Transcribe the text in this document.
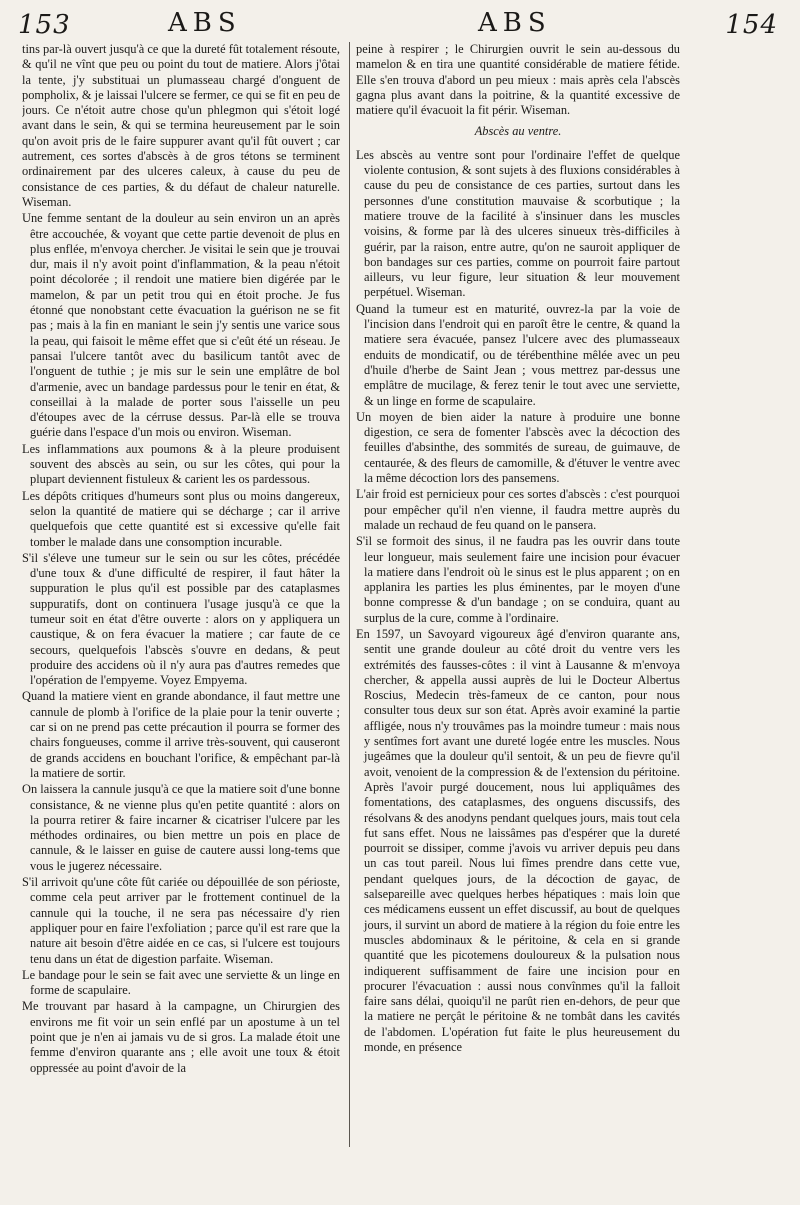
153	ABS	ABS	154

tins par-là ouvert jusqu'à ce que la dureté fût totalement résoute, & qu'il ne vînt que peu ou point du tout de matiere. Alors j'ôtai la tente, j'y substituai un plumasseau chargé d'onguent de pompholix, & je laissai l'ulcere se fermer, ce qui se fit en peu de jours. Ce n'étoit autre chose qu'un phlegmon qui s'étoit logé avant dans le sein, & qui se termina heureusement par le soin qu'on avoit pris de le faire suppurer avant qu'il fût ouvert ; car autrement, ces sortes d'abscès à de gros tétons se terminent ordinairement par des ulceres caleux, à cause du peu de consistance de ces parties, & du défaut de chaleur naturelle. Wiseman.

Une femme sentant de la douleur au sein environ un an après être accouchée, & voyant que cette partie devenoit de plus en plus enflée, m'envoya chercher. Je visitai le sein que je trouvai dur, mais il n'y avoit point d'inflammation, & la peau n'étoit point décolorée ; il rendoit une matiere bien digérée par le mamelon, & par un petit trou qui en étoit proche. Je fus étonné que nonobstant cette évacuation la guérison ne se fit pas ; mais à la fin en maniant le sein j'y sentis une varice sous la peau, qui faisoit le même effet que si c'eût été un réseau. Je pansai l'ulcere tantôt avec du basilicum tantôt avec de l'onguent de tuthie ; je mis sur le sein une emplâtre de bol d'armenie, avec un bandage pardessus pour le tenir en état, & conseillai à la malade de porter sous l'aisselle un peu d'étoupes avec de la cérruse dessus. Par-là elle se trouva guérie dans l'espace d'un mois ou environ. Wiseman.

Les inflammations aux poumons & à la pleure produisent souvent des abscès au sein, ou sur les côtes, qui pour la plupart deviennent fistuleux & carient les os pardessous.

Les dépôts critiques d'humeurs sont plus ou moins dangereux, selon la quantité de matiere qui se décharge ; car il arrive quelquefois que cette quantité est si excessive qu'elle fait tomber le malade dans une consomption incurable.

S'il s'éleve une tumeur sur le sein ou sur les côtes, précédée d'une toux & d'une difficulté de respirer, il faut hâter la suppuration le plus qu'il est possible par des cataplasmes suppuratifs, dont on continuera l'usage jusqu'à ce que la tumeur soit en état d'être ouverte : alors on y appliquera un caustique, & on fera évacuer la matiere ; car faute de ce secours, quelquefois l'abscès s'ouvre en dedans, & peut produire des accidens où il n'y aura pas d'autres remedes que l'opération de l'empyeme. Voyez Empyema.

Quand la matiere vient en grande abondance, il faut mettre une cannule de plomb à l'orifice de la plaie pour la tenir ouverte ; car si on ne prend pas cette précaution il pourra se former des chairs fongueuses, comme il arrive très-souvent, qui causeront de grands accidens en bouchant l'orifice, & empêchant par-là la matiere de sortir.

On laissera la cannule jusqu'à ce que la matiere soit d'une bonne consistance, & ne vienne plus qu'en petite quantité : alors on la pourra retirer & faire incarner & cicatriser l'ulcere par les méthodes ordinaires, ou bien mettre un pois en place de cannule, & le laisser en guise de cautere aussi long-tems que vous le jugerez nécessaire.

S'il arrivoit qu'une côte fût cariée ou dépouillée de son périoste, comme cela peut arriver par le frottement continuel de la cannule qui la touche, il ne sera pas nécessaire d'y rien appliquer pour en faire l'exfoliation ; parce qu'il est rare que la nature ait besoin d'être aidée en ce cas, si l'ulcere est toujours tenu dans un état de digestion parfaite. Wiseman.

Le bandage pour le sein se fait avec une serviette & un linge en forme de scapulaire.

Me trouvant par hasard à la campagne, un Chirurgien des environs me fit voir un sein enflé par un apostume à un tel point que je n'en ai jamais vu de si gros. La malade étoit une femme d'environ quarante ans ; elle avoit une toux & étoit oppressée au point d'avoir de la

peine à respirer ; le Chirurgien ouvrit le sein au-dessous du mamelon & en tira une quantité considérable de matiere fétide. Elle s'en trouva d'abord un peu mieux : mais après cela l'abscès gagna plus avant dans la poitrine, & la quantité excessive de matiere qu'il évacuoit la fit périr. Wiseman.

Abscès au ventre.

Les abscès au ventre sont pour l'ordinaire l'effet de quelque violente contusion, & sont sujets à des fluxions considérables à cause du peu de consistance de ces parties, surtout dans les personnes d'une constitution mauvaise & scorbutique ; la matiere trouve de la facilité à s'insinuer dans les muscles voisins, & forme par là des ulceres sinueux très-difficiles à guérir, par la raison, entre autre, qu'on ne sauroit appliquer de bon bandages sur ces parties, comme on pourroit faire partout ailleurs, vu leur figure, leur situation & leur mouvement perpétuel. Wiseman.

Quand la tumeur est en maturité, ouvrez-la par la voie de l'incision dans l'endroit qui en paroît être le centre, & quand la matiere sera évacuée, pansez l'ulcere avec des plumasseaux enduits de mondicatif, ou de térébenthine mêlée avec un peu d'huile d'herbe de Saint Jean ; vous mettrez par-dessus une emplâtre de mucilage, & ferez tenir le tout avec une serviette, & un linge en forme de scapulaire.

Un moyen de bien aider la nature à produire une bonne digestion, ce sera de fomenter l'abscès avec la décoction des feuilles d'absinthe, des sommités de sureau, de guimauve, de centaurée, & des fleurs de camomille, & d'étuver le ventre avec la même décoction lors des pansemens.

L'air froid est pernicieux pour ces sortes d'abscès : c'est pourquoi pour empêcher qu'il n'en vienne, il faudra mettre auprès du malade un rechaud de feu quand on le pansera.

S'il se formoit des sinus, il ne faudra pas les ouvrir dans toute leur longueur, mais seulement faire une incision pour évacuer la matiere dans l'endroit où le sinus est le plus apparent ; on en applanira les parties les plus éminentes, par le moyen d'une bonne compresse & d'un bandage ; on se conduira, quant au surplus de la cure, comme à l'ordinaire.

En 1597, un Savoyard vigoureux âgé d'environ quarante ans, sentit une grande douleur au côté droit du ventre vers les extrémités des fausses-côtes : il vint à Lausanne & m'envoya chercher, & appella aussi auprès de lui le Docteur Albertus Roscius, Medecin très-fameux de ce canton, pour nous consulter tous deux sur son état. Après avoir examiné la partie affligée, nous n'y trouvâmes pas la moindre tumeur : mais nous y sentîmes fort avant une dureté logée entre les muscles. Nous jugeâmes que la douleur qu'il sentoit, & un peu de fievre qu'il avoit, venoient de la compression & de l'extension du péritoine. Après l'avoir purgé doucement, nous lui appliquâmes des fomentations, des cataplasmes, des onguens discussifs, des résolvans & des anodyns pendant quelques jours, mais tout cela fut sans effet. Nous ne laissâmes pas d'espérer que la dureté pourroit se dissiper, comme j'avois vu arriver depuis peu dans un cas tout pareil. Nous lui fîmes prendre dans cette vue, pendant quelques jours, de la décoction de gayac, de salsepareille avec quelques herbes hépatiques : mais loin que ces médicamens eussent un effet discussif, au bout de quelques jours, il survint un abord de matiere à la région du foie entre les muscles abdominaux & le péritoine, & cela en si grande quantité que les picotemens douloureux & la pulsation nous indiquerent suffisamment de faire une incision pour en procurer l'évacuation : aussi nous convînmes qu'il la falloit faire sans délai, quoiqu'il ne parût rien en-dehors, de peur que la matiere ne perçât le péritoine & ne tombât dans les cavités de l'abdomen. L'opération fut faite le plus heureusement du monde, en présence
